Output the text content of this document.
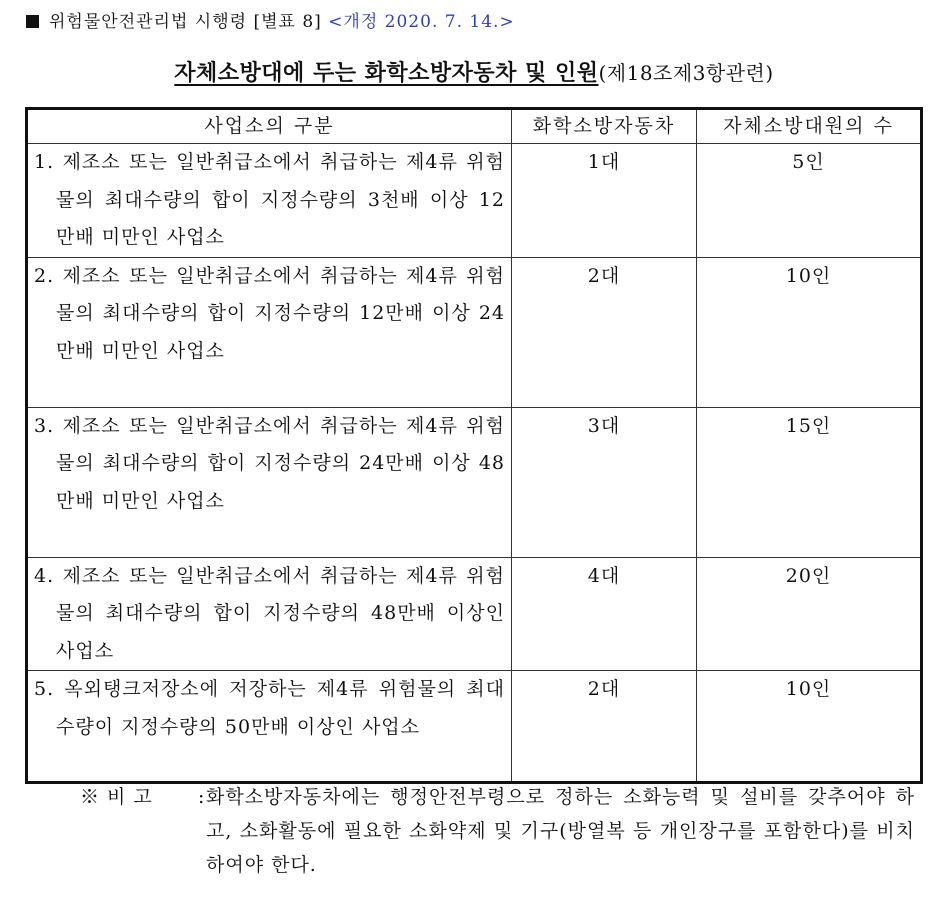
위험물안전관리법 시행령 [별표 8] <개정 2020. 7. 14.>
자체소방대에 두는 화학소방자동차 및 인원(제18조제3항관련)
사업소의 구분	화학소방자동차	자체소방대원의 수

1. 제조소 또는 일반취급소에서 취급하는 제4류 위험물의 최대수량의 합이 지정수량의 3천배 이상 12만배 미만인 사업소	1대	5인

2. 제조소 또는 일반취급소에서 취급하는 제4류 위험물의 최대수량의 합이 지정수량의 12만배 이상 24만배 미만인 사업소	2대	10인

3. 제조소 또는 일반취급소에서 취급하는 제4류 위험물의 최대수량의 합이 지정수량의 24만배 이상 48만배 미만인 사업소	3대	15인

4. 제조소 또는 일반취급소에서 취급하는 제4류 위험물의 최대수량의 합이 지정수량의 48만배 이상인 사업소	4대	20인

5. 옥외탱크저장소에 저장하는 제4류 위험물의 최대수량이 지정수량의 50만배 이상인 사업소	2대	10인
※ 비 고 : 화학소방자동차에는 행정안전부령으로 정하는 소화능력 및 설비를 갖추어야 하고, 소화활동에 필요한 소화약제 및 기구(방열복 등 개인장구를 포함한다)를 비치하여야 한다.
